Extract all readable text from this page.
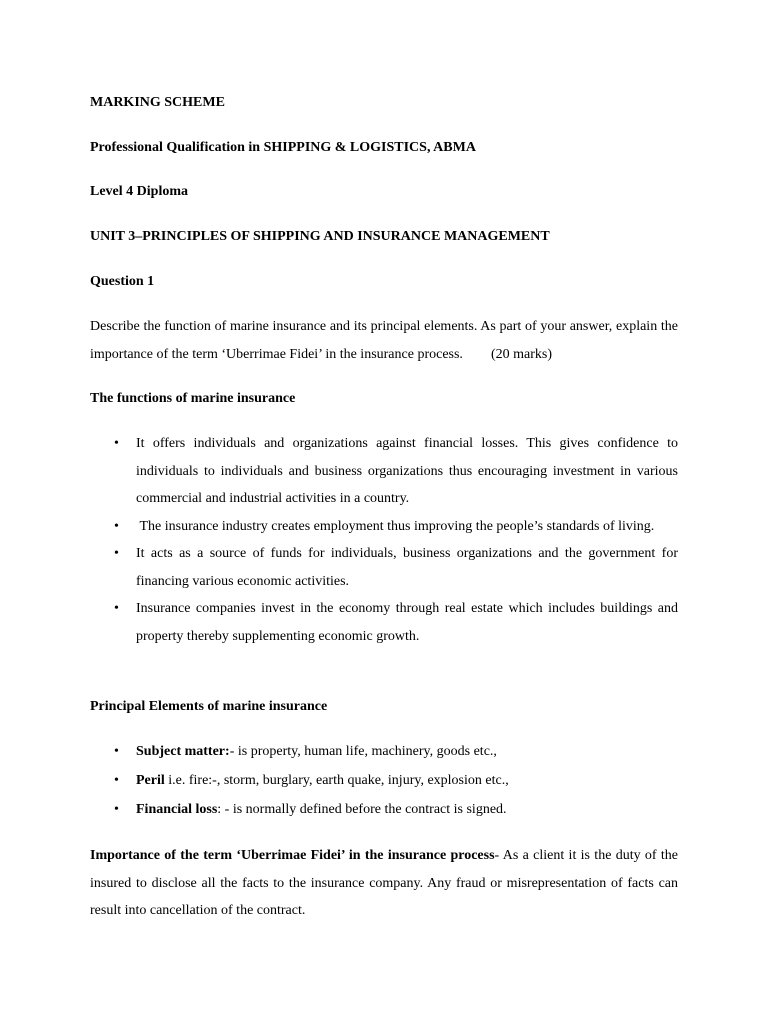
MARKING SCHEME
Professional Qualification in SHIPPING & LOGISTICS, ABMA
Level 4 Diploma
UNIT 3–PRINCIPLES OF SHIPPING AND INSURANCE MANAGEMENT
Question 1
Describe the function of marine insurance and its principal elements. As part of your answer, explain the importance of the term ‘Uberrimae Fidei’ in the insurance process. (20 marks)
The functions of marine insurance
• It offers individuals and organizations against financial losses. This gives confidence to individuals to individuals and business organizations thus encouraging investment in various commercial and industrial activities in a country.
• The insurance industry creates employment thus improving the people’s standards of living.
• It acts as a source of funds for individuals, business organizations and the government for financing various economic activities.
• Insurance companies invest in the economy through real estate which includes buildings and property thereby supplementing economic growth.
Principal Elements of marine insurance
• Subject matter:- is property, human life, machinery, goods etc.,
• Peril i.e. fire:-, storm, burglary, earth quake, injury, explosion etc.,
• Financial loss: - is normally defined before the contract is signed.
Importance of the term ‘Uberrimae Fidei’ in the insurance process- As a client it is the duty of the insured to disclose all the facts to the insurance company. Any fraud or misrepresentation of facts can result into cancellation of the contract.
